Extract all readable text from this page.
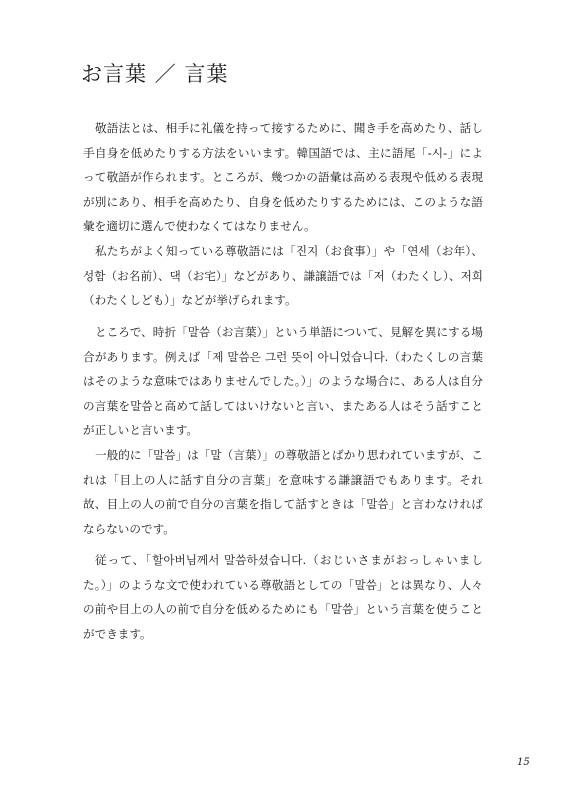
お言葉 ／ 言葉

敬語法とは、相手に礼儀を持って接するために、聞き手を高めたり、話し手自身を低めたりする方法をいいます。韓国語では、主に語尾「-시-」によって敬語が作られます。ところが、幾つかの語彙は高める表現や低める表現が別にあり、相手を高めたり、自身を低めたりするためには、このような語彙を適切に選んで使わなくてはなりません。

私たちがよく知っている尊敬語には「진지（お食事）」や「연세（お年）、성함（お名前）、댁（お宅）」などがあり、謙譲語では「저（わたくし）、저희（わたくしども）」などが挙げられます。

ところで、時折「말씀（お言葉）」という単語について、見解を異にする場合があります。例えば「제 말씀은 그런 뜻이 아니었습니다.（わたくしの言葉はそのような意味ではありませんでした。）」のような場合に、ある人は自分の言葉を말씀と高めて話してはいけないと言い、またある人はそう話すことが正しいと言います。

一般的に「말씀」は「말（言葉）」の尊敬語とばかり思われていますが、これは「目上の人に話す自分の言葉」を意味する謙譲語でもあります。それ故、目上の人の前で自分の言葉を指して話すときは「말씀」と言わなければならないのです。

従って、「할아버님께서 말씀하셨습니다.（おじいさまがおっしゃいました。）」のような文で使われている尊敬語としての「말씀」とは異なり、人々の前や目上の人の前で自分を低めるためにも「말씀」という言葉を使うことができます。

15
